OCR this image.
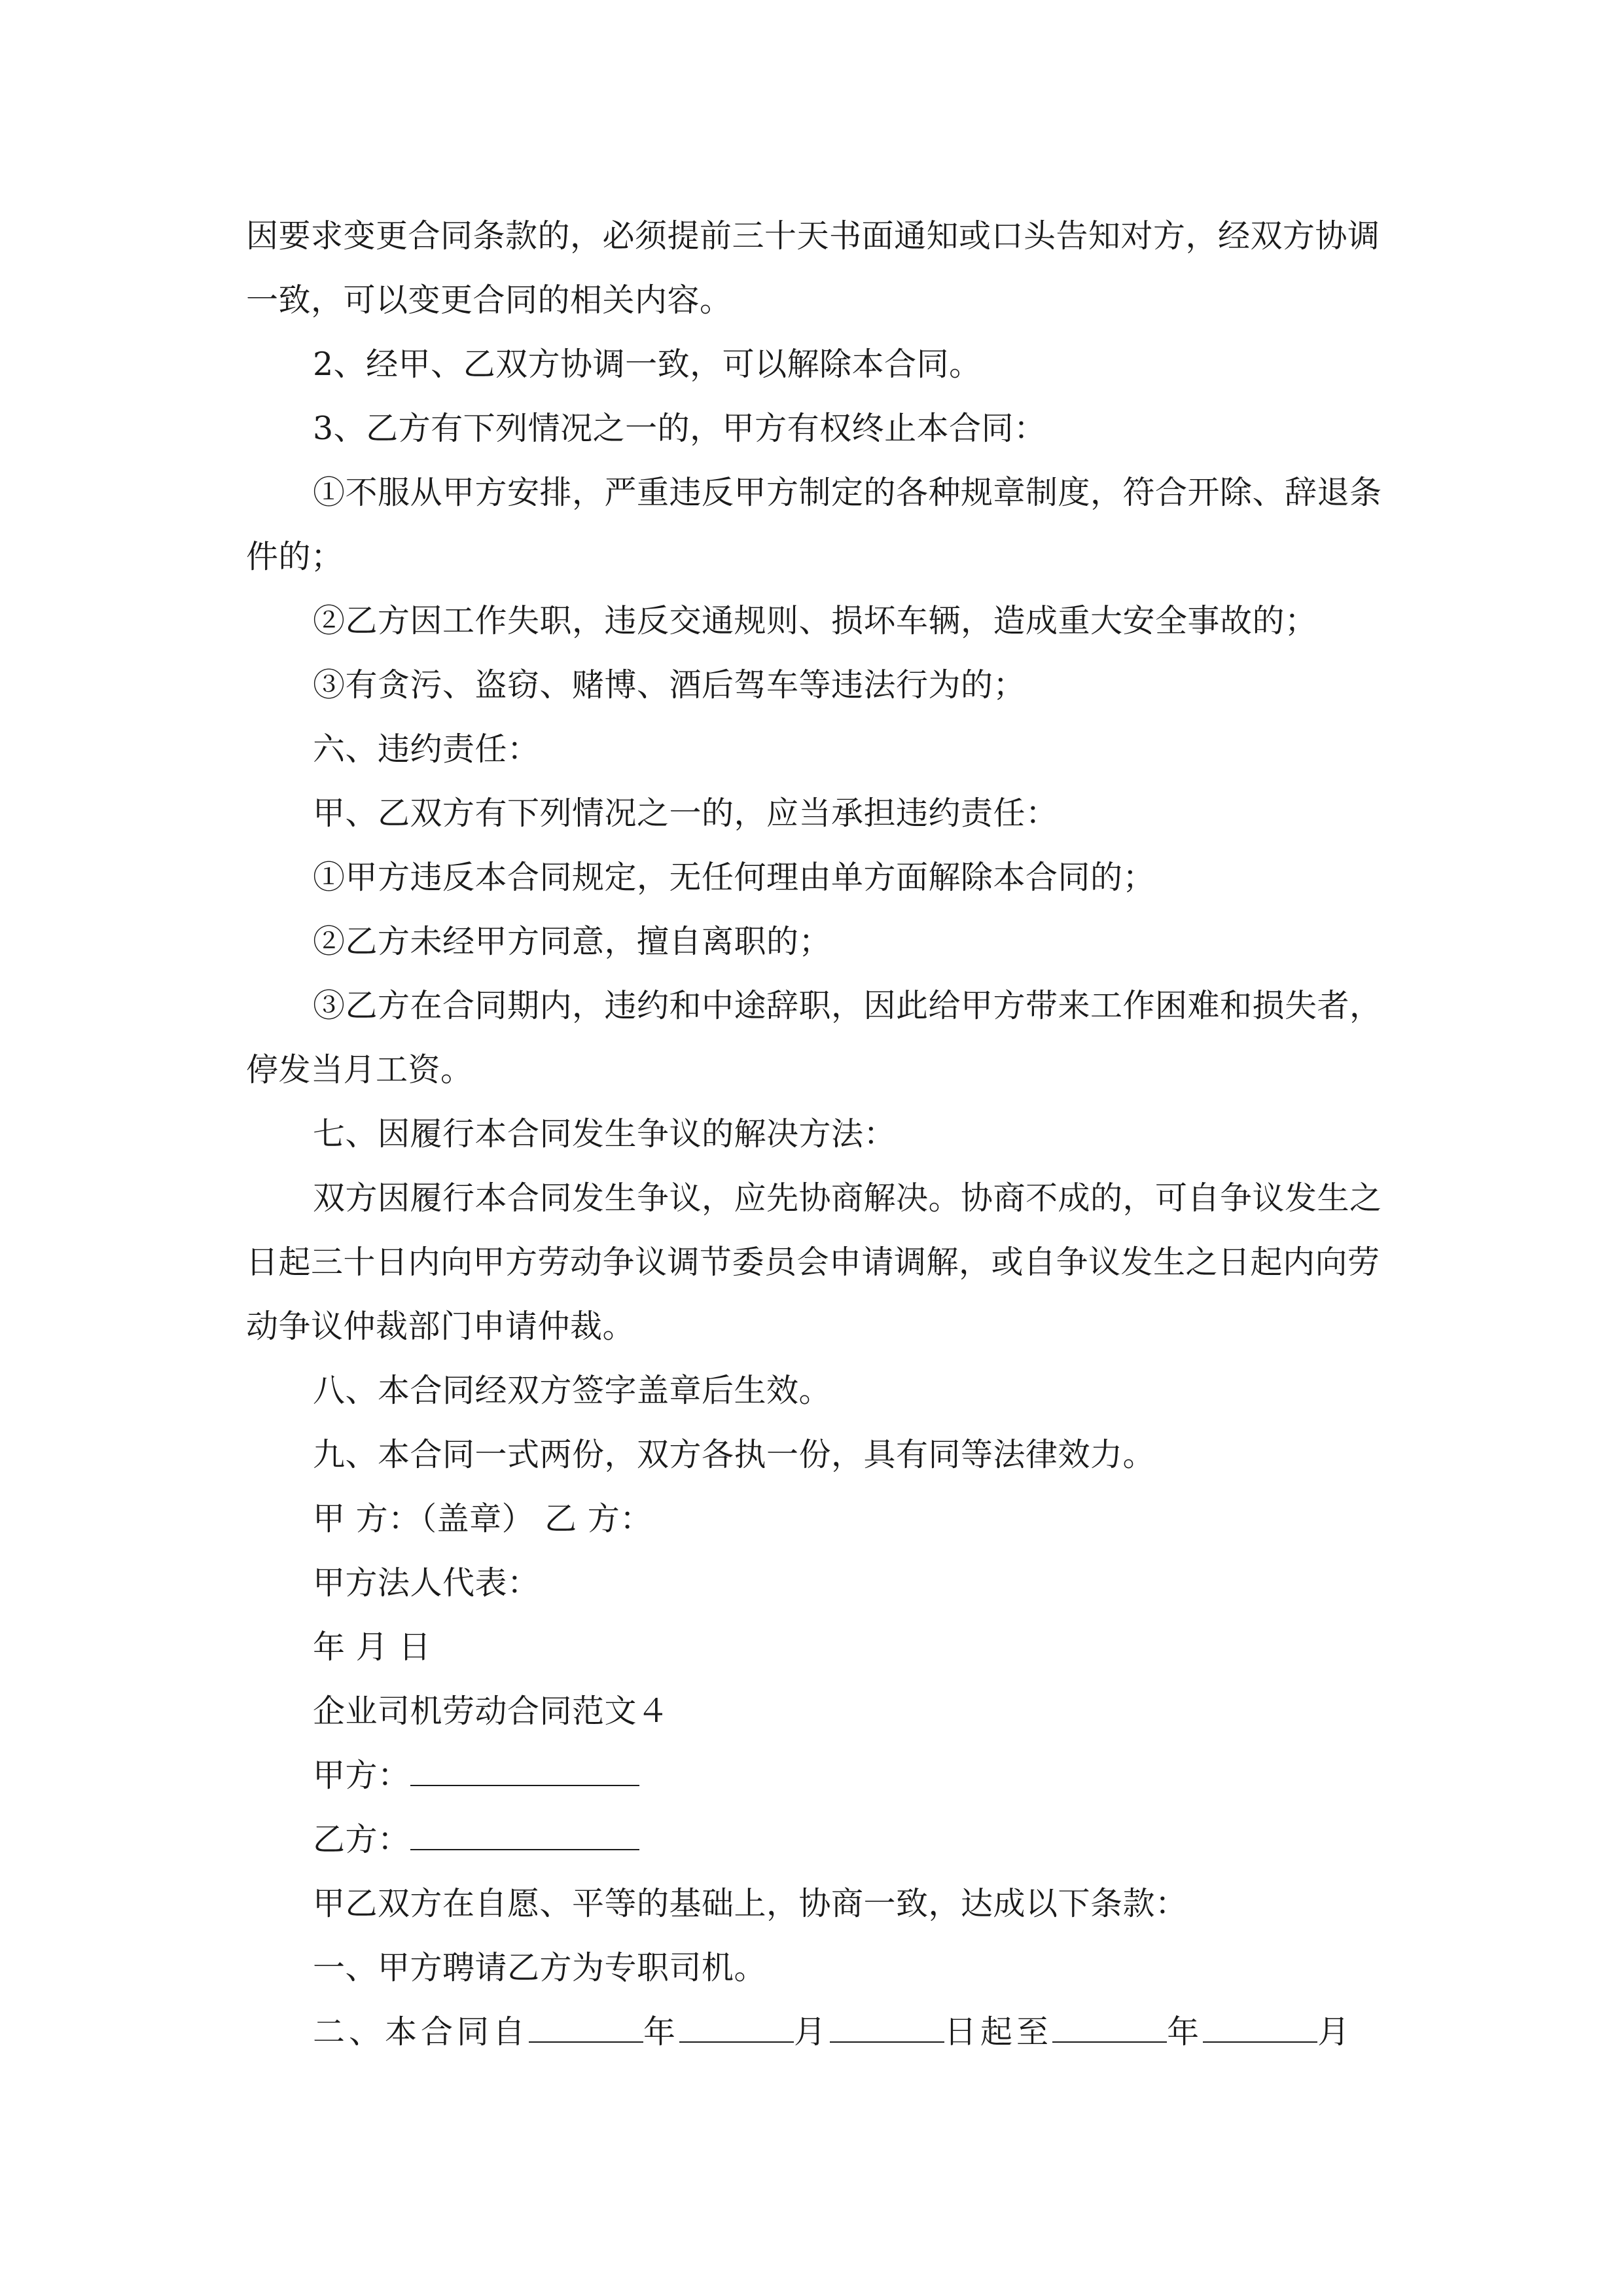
因要求变更合同条款的，必须提前三十天书面通知或口头告知对方，经双方协调

一致，可以变更合同的相关内容。

2、经甲、乙双方协调一致，可以解除本合同。

3、乙方有下列情况之一的，甲方有权终止本合同：

①不服从甲方安排，严重违反甲方制定的各种规章制度，符合开除、辞退条

件的；

②乙方因工作失职，违反交通规则、损坏车辆，造成重大安全事故的；

③有贪污、盗窃、赌博、酒后驾车等违法行为的；

六、违约责任：

甲、乙双方有下列情况之一的，应当承担违约责任：

①甲方违反本合同规定，无任何理由单方面解除本合同的；

②乙方未经甲方同意，擅自离职的；

③乙方在合同期内，违约和中途辞职，因此给甲方带来工作困难和损失者，

停发当月工资。

七、因履行本合同发生争议的解决方法：

双方因履行本合同发生争议，应先协商解决。协商不成的，可自争议发生之

日起三十日内向甲方劳动争议调节委员会申请调解，或自争议发生之日起内向劳

动争议仲裁部门申请仲裁。

八、本合同经双方签字盖章后生效。

九、本合同一式两份，双方各执一份，具有同等法律效力。

甲 方：（盖章） 乙 方：

甲方法人代表：

年 月 日

企业司机劳动合同范文４

甲方：

乙方：

甲乙双方在自愿、平等的基础上，协商一致，达成以下条款：

一、甲方聘请乙方为专职司机。

二、本合同自	年	月	日起至	年	月
